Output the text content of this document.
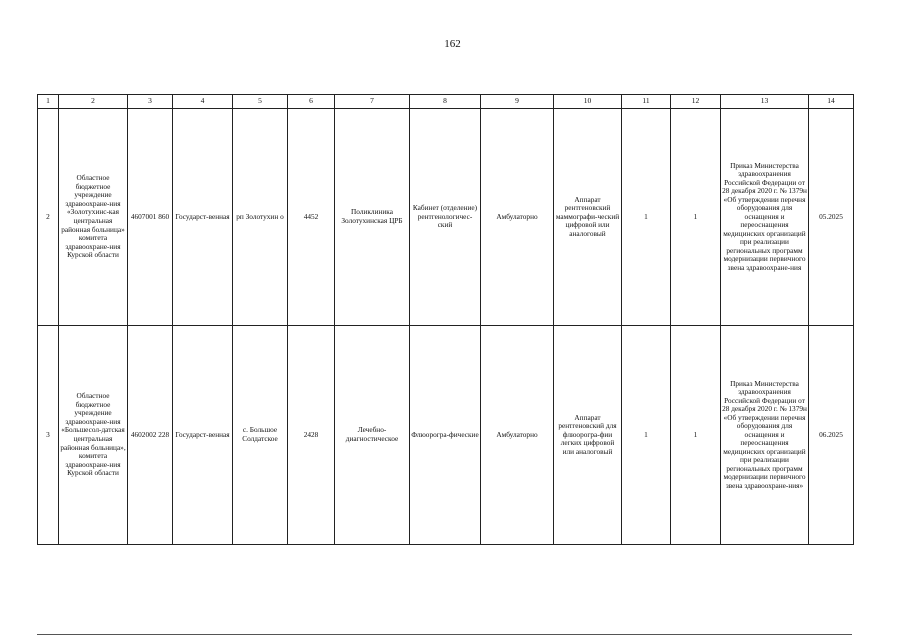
162
1	2	3	4	5	6	7	8	9	10	11	12	13	14
2	Областное бюджетное учреждение здравоохране-ния «Золотухинс-кая центральная районная больница» комитета здравоохране-ния Курской области	4607001 860	Государст-венная	рп Золотухин о	4452	Поликлиника Золотухинская ЦРБ	Кабинет (отделение) рентгенологичес-ский	Амбулаторно	Аппарат рентгеновский маммографи-ческий цифровой или аналоговый	1	1	Приказ Министерства здравоохранения Российской Федерации от 28 декабря 2020 г. № 1379н «Об утверждении перечня оборудования для оснащения и переоснащения медицинских организаций при реализации региональных программ модернизации первичного звена здравоохране-ния	05.2025
3	Областное бюджетное учреждение здравоохране-ния «Большесол-датская центральная районная больница», комитета здравоохране-ния Курской области	4602002 228	Государст-венная	с. Большое Солдатское	2428	Лечебно-диагностическое	Флюорогра-фические	Амбулаторно	Аппарат рентгеновский для флюорогра-фии легких цифровой или аналоговый	1	1	Приказ Министерства здравоохранения Российской Федерации от 28 декабря 2020 г. № 1379н «Об утверждении перечня оборудования для оснащения и переоснащения медицинских организаций при реализации региональных программ модернизации первичного звена здравоохране-ния»	06.2025
